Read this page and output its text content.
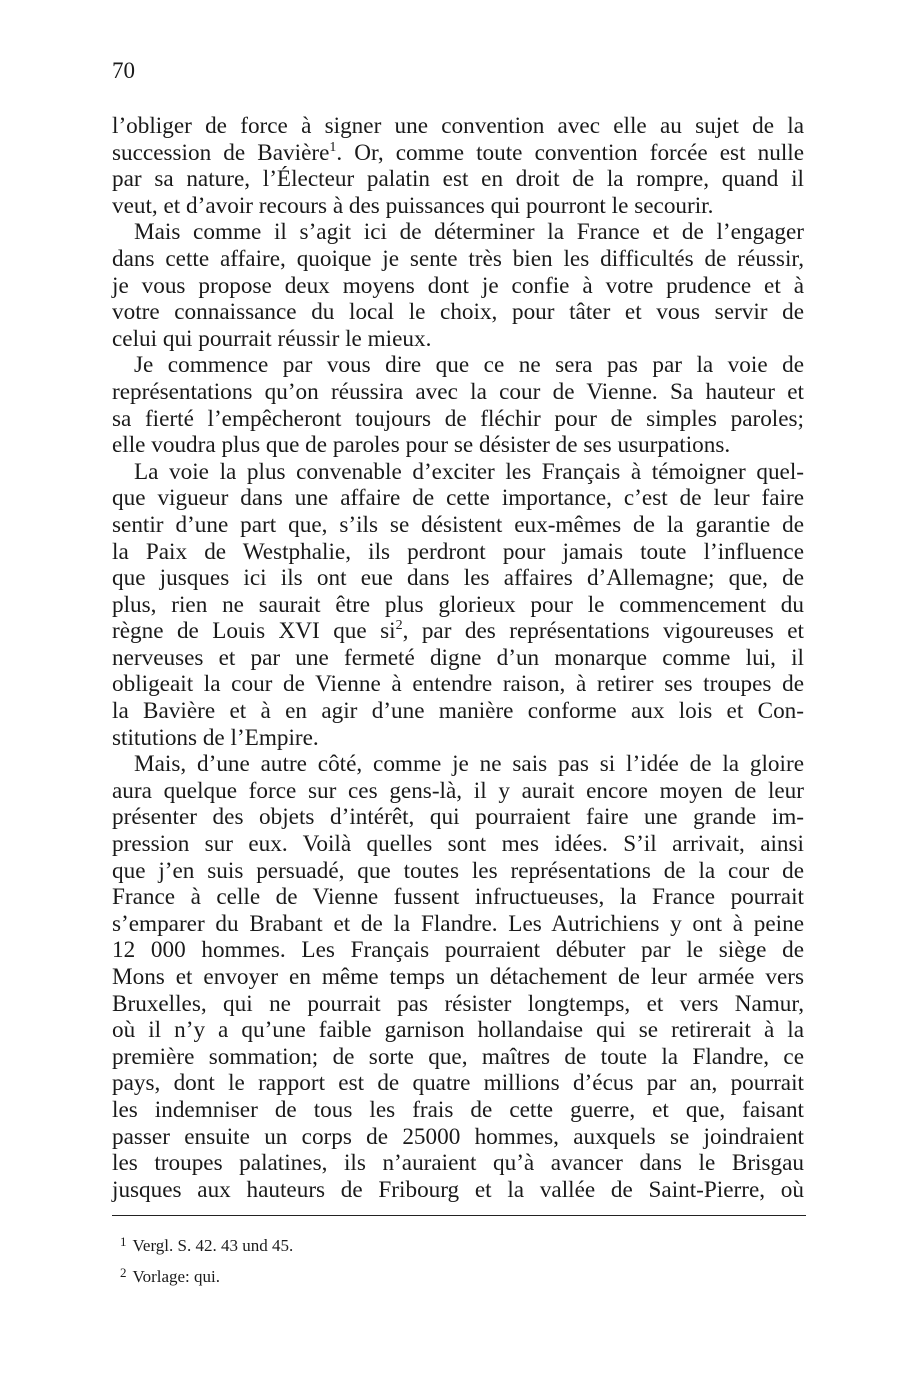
70
l’obliger de force à signer une convention avec elle au sujet de la
succession de Bavière$^1$. Or, comme toute convention forcée est nulle
par sa nature, l’Électeur palatin est en droit de la rompre, quand il
veut, et d’avoir recours à des puissances qui pourront le secourir.
Mais comme il s’agit ici de déterminer la France et de l’engager
dans cette affaire, quoique je sente très bien les difficultés de réussir,
je vous propose deux moyens dont je confie à votre prudence et à
votre connaissance du local le choix, pour tâter et vous servir de
celui qui pourrait réussir le mieux.
Je commence par vous dire que ce ne sera pas par la voie de
représentations qu’on réussira avec la cour de Vienne. Sa hauteur et
sa fierté l’empêcheront toujours de fléchir pour de simples paroles;
elle voudra plus que de paroles pour se désister de ses usurpations.
La voie la plus convenable d’exciter les Français à témoigner quel-
que vigueur dans une affaire de cette importance, c’est de leur faire
sentir d’une part que, s’ils se désistent eux-mêmes de la garantie de
la Paix de Westphalie, ils perdront pour jamais toute l’influence
que jusques ici ils ont eue dans les affaires d’Allemagne; que, de
plus, rien ne saurait être plus glorieux pour le commencement du
règne de Louis XVI que $si^2$, par des représentations vigoureuses et
nerveuses et par une fermeté digne d’un monarque comme lui, il
obligeait la cour de Vienne à entendre raison, à retirer ses troupes de
la Bavière et à en agir d’une manière conforme aux lois et Con-
stitutions de l’Empire.
Mais, d’une autre côté, comme je ne sais pas si l’idée de la gloire
aura quelque force sur ces gens-là, il y aurait encore moyen de leur
présenter des objets d’intérêt, qui pourraient faire une grande im-
pression sur eux. Voilà quelles sont mes idées. S’il arrivait, ainsi
que j’en suis persuadé, que toutes les représentations de la cour de
France à celle de Vienne fussent infructueuses, la France pourrait
s’emparer du Brabant et de la Flandre. Les Autrichiens y ont à peine
12 000 hommes. Les Français pourraient débuter par le siège de
Mons et envoyer en même temps un détachement de leur armée vers
Bruxelles, qui ne pourrait pas résister longtemps, et vers Namur,
où il n’y a qu’une faible garnison hollandaise qui se retirerait à la
première sommation; de sorte que, maîtres de toute la Flandre, ce
pays, dont le rapport est de quatre millions d’écus par an, pourrait
les indemniser de tous les frais de cette guerre, et que, faisant
passer ensuite un corps de 25000 hommes, auxquels se joindraient
les troupes palatines, ils n’auraient qu’à avancer dans le Brisgau
jusques aux hauteurs de Fribourg et la vallée de Saint-Pierre, où
$^1$ Vergl. S. 42. 43 und 45.
$^2$ Vorlage: qui.
